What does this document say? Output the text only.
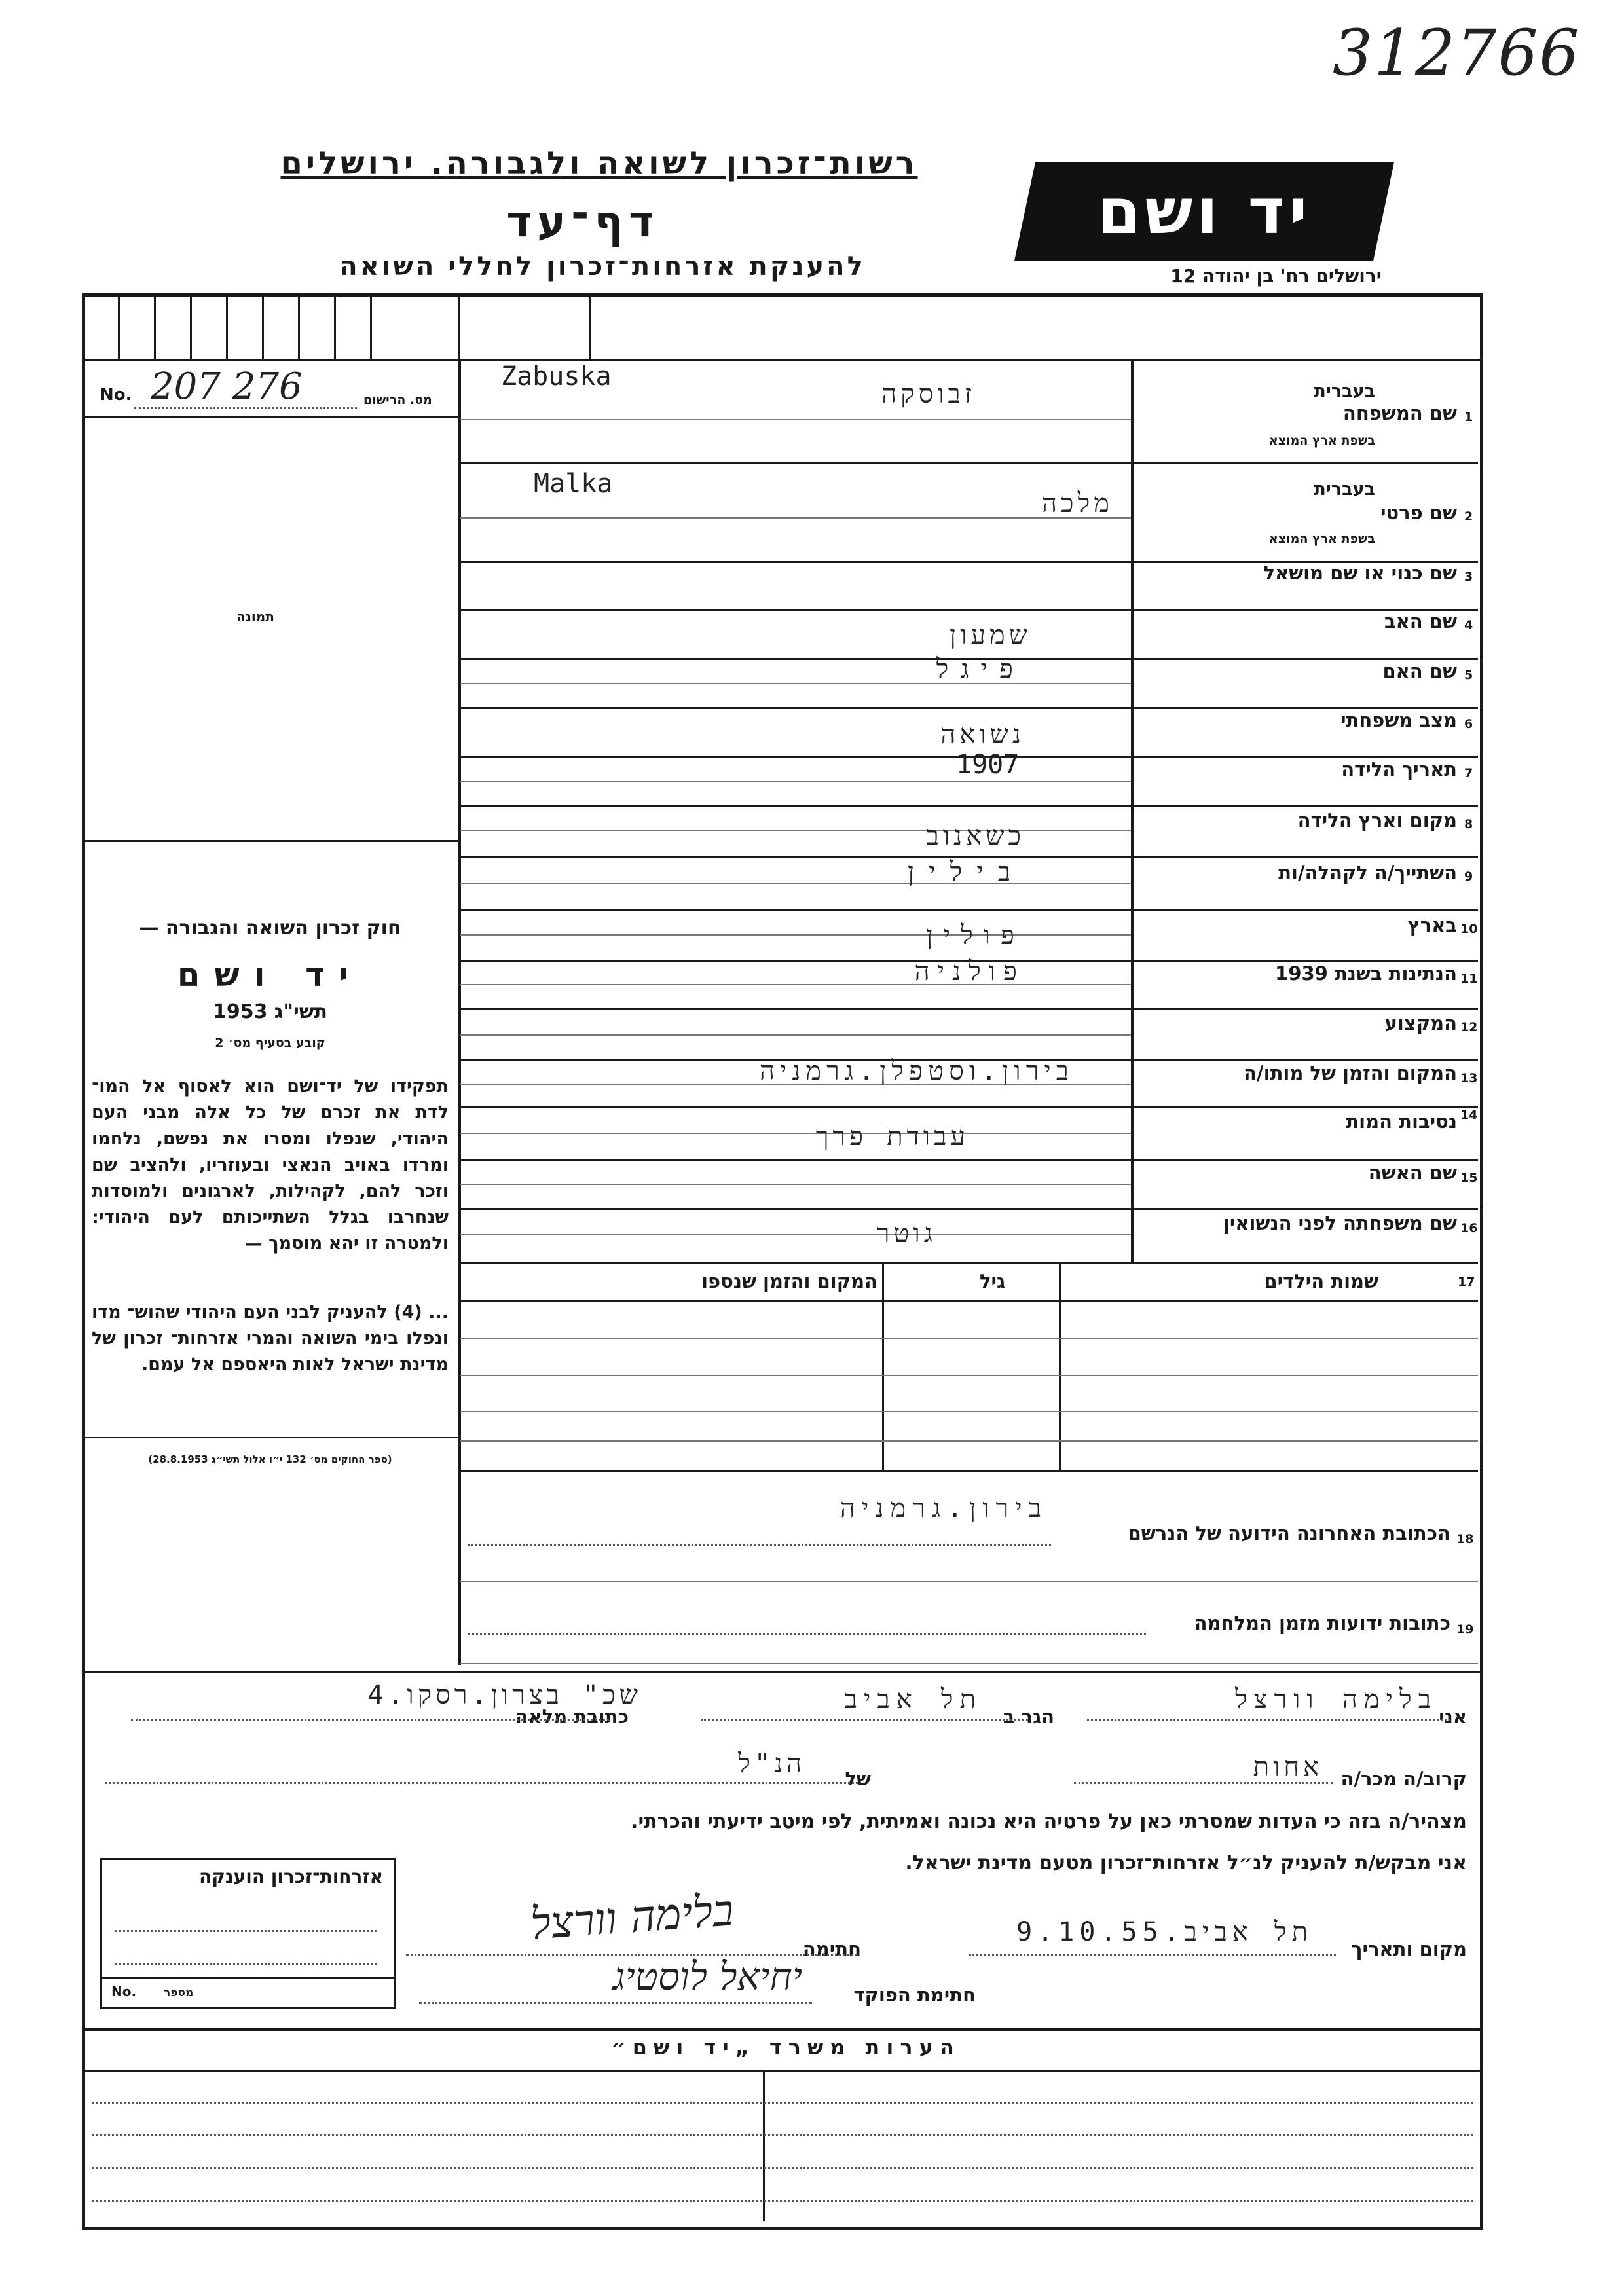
312766
רשות־זכרון לשואה ולגבורה. ירושלים
דף־עד
להענקת אזרחות־זכרון לחללי השואה
יד ושם
ירושלים רח' בן יהודה 12
No. 207 276	מס. הרישום
תמונה
חוק זכרון השואה והגבורה —
יד ושם
תשי"ג 1953
קובע בסעיף מס׳ 2
תפקידו של יד־ושם הוא לאסוף אל המו־ לדת את זכרם של כל אלה מבני העם היהודי, שנפלו ומסרו את נפשם, נלחמו ומרדו באויב הנאצי ובעוזריו, ולהציב שם וזכר להם, לקהילות, לארגונים ולמוסדות שנחרבו בגלל השתייכותם לעם היהודי: ולמטרה זו יהא מוסמך —
... (4) להעניק לבני העם היהודי שהוש־ מדו ונפלו בימי השואה והמרי אזרחות־ זכרון של מדינת ישראל לאות היאספם אל עמם.
(ספר החוקים מס׳ 132 י״ו אלול תשי״ג 28.8.1953)
1
שם המשפחה
בעברית
בשפת ארץ המוצא
זבוסקה
Zabuska
2
שם פרטי
בעברית
בשפת ארץ המוצא
מלכה
Malka
3
שם כנוי או שם מושאל
4
שם האב
שמעון
5
שם האם
פיגל
6
מצב משפחתי
נשואה
7
תאריך הלידה
1907
8
מקום וארץ הלידה
כשאנוב
9
השתייך/ה לקהלה/ות
בילין
10
בארץ
פולין
11
הנתינות בשנת 1939
פולניה
12
המקצוע
13
המקום והזמן של מותו/ה
בירון.וסטפלן.גרמניה
14
נסיבות המות
עבודת פרך
15
שם האשה
16
שם משפחתה לפני הנשואין
גוטר
17
שמות הילדים
גיל
המקום והזמן שנספו
בירון.גרמניה
18
הכתובת האחרונה הידועה של הנרשם
19
כתובות ידועות מזמן המלחמה
אני
בלימה וורצל
הגר ב
תל אביב
כתובת מלאה
שכ" בצרון.רסקו.4
קרוב/ה מכר/ה
אחות
של
הנ"ל
מצהיר/ה בזה כי העדות שמסרתי כאן על פרטיה היא נכונה ואמיתית, לפי מיטב ידיעתי והכרתי.
אני מבקש/ת להעניק לנ״ל אזרחות־זכרון מטעם מדינת ישראל.
מקום ותאריך
תל אביב.9.10.55
חתימה
בלימה וורצל
חתימת הפוקד
יחיאל לוסטיג
אזרחות־זכרון הוענקה
No. מספר
הערות משרד „יד ושם״
